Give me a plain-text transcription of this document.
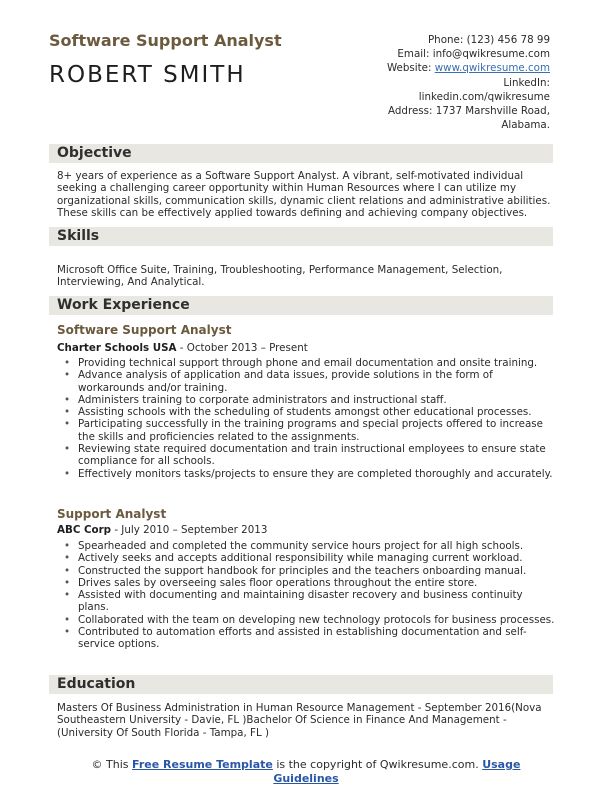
Software Support Analyst
ROBERT SMITH
Phone: (123) 456 78 99
Email: info@qwikresume.com
Website: www.qwikresume.com
LinkedIn:
linkedin.com/qwikresume
Address: 1737 Marshville Road,
Alabama.
Objective
8+ years of experience as a Software Support Analyst. A vibrant, self-motivated individual seeking a challenging career opportunity within Human Resources where I can utilize my organizational skills, communication skills, dynamic client relations and administrative abilities. These skills can be effectively applied towards defining and achieving company objectives.
Skills
Microsoft Office Suite, Training, Troubleshooting, Performance Management, Selection, Interviewing, And Analytical.
Work Experience
Software Support Analyst
Charter Schools USA - October 2013 – Present
• Providing technical support through phone and email documentation and onsite training.
• Advance analysis of application and data issues, provide solutions in the form of workarounds and/or training.
• Administers training to corporate administrators and instructional staff.
• Assisting schools with the scheduling of students amongst other educational processes.
• Participating successfully in the training programs and special projects offered to increase the skills and proficiencies related to the assignments.
• Reviewing state required documentation and train instructional employees to ensure state compliance for all schools.
• Effectively monitors tasks/projects to ensure they are completed thoroughly and accurately.
Support Analyst
ABC Corp - July 2010 – September 2013
• Spearheaded and completed the community service hours project for all high schools.
• Actively seeks and accepts additional responsibility while managing current workload.
• Constructed the support handbook for principles and the teachers onboarding manual.
• Drives sales by overseeing sales floor operations throughout the entire store.
• Assisted with documenting and maintaining disaster recovery and business continuity plans.
• Collaborated with the team on developing new technology protocols for business processes.
• Contributed to automation efforts and assisted in establishing documentation and self-service options.
Education
Masters Of Business Administration in Human Resource Management - September 2016(Nova Southeastern University - Davie, FL )Bachelor Of Science in Finance And Management - (University Of South Florida - Tampa, FL )
© This Free Resume Template is the copyright of Qwikresume.com. Usage
Guidelines
